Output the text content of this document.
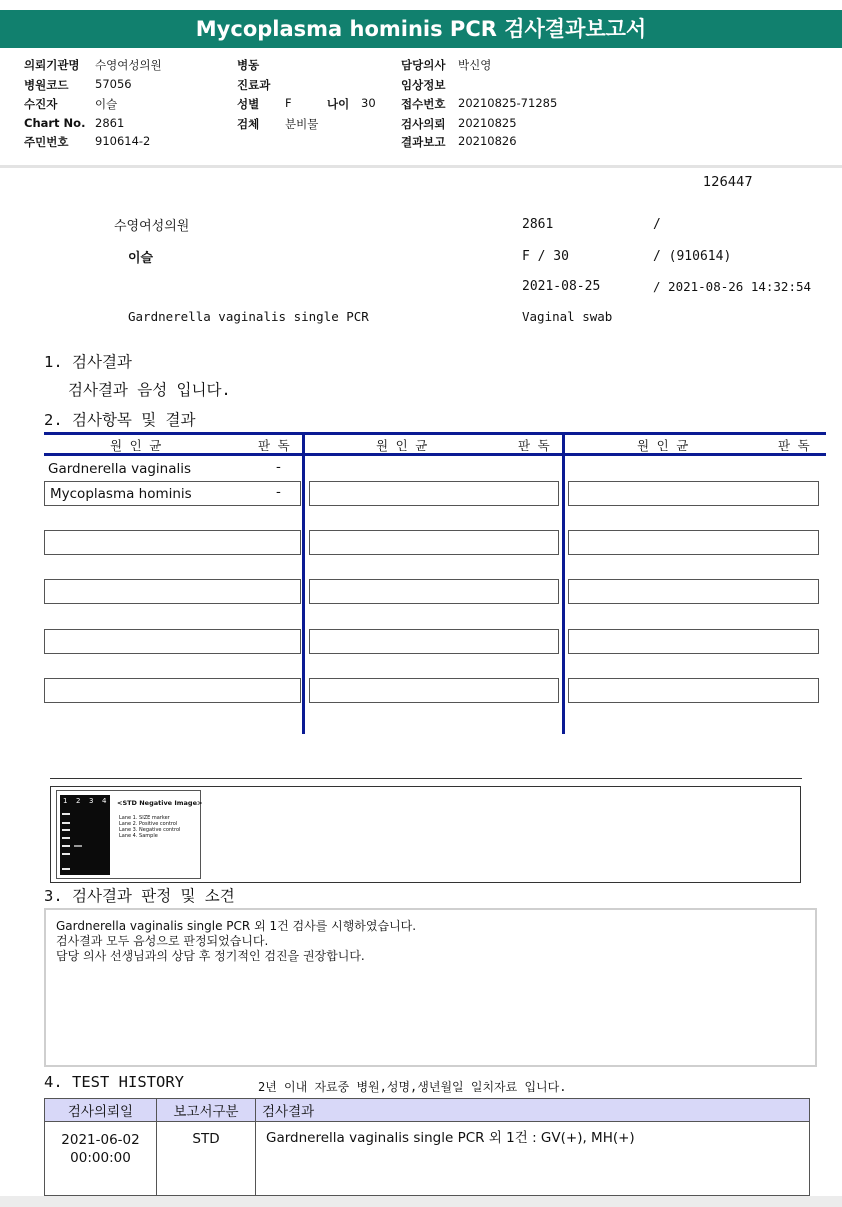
Mycoplasma hominis PCR 검사결과보고서
의뢰기관명 수영여성의원
병원코드 57056
수진자	이슬
Chart No. 2861
주민번호 910614-2
병동
진료과
성별 F	나이 30
검체 분비물
담당의사 박신영
임상정보
접수번호 20210825-71285
검사의뢰 20210825
결과보고 20210826
126447
수영여성의원	2861	/
이슬	F / 30	/ (910614)
2021-08-25	/ 2021-08-26 14:32:54
Gardnerella vaginalis single PCR	Vaginal swab
1. 검사결과
검사결과 음성 입니다.
2. 검사항목 및 결과
원 인 균	판 독	원 인 균	판 독	원 인 균	판 독
Gardnerella vaginalis	-
Mycoplasma hominis	-
1 2 3 4 <STD Negative Image>
Lane 1. SIZE marker
Lane 2. Positive control
Lane 3. Negative control
Lane 4. Sample
3. 검사결과 판정 및 소견
Gardnerella vaginalis single PCR 외 1건 검사를 시행하였습니다.
검사결과 모두 음성으로 판정되었습니다.
담당 의사 선생님과의 상담 후 정기적인 검진을 권장합니다.
4. TEST HISTORY	2년 이내 자료중 병원,성명,생년월일 일치자료 입니다.
검사의뢰일	보고서구분	검사결과
2021-06-02
00:00:00	STD	Gardnerella vaginalis single PCR 외 1건 : GV(+), MH(+)
